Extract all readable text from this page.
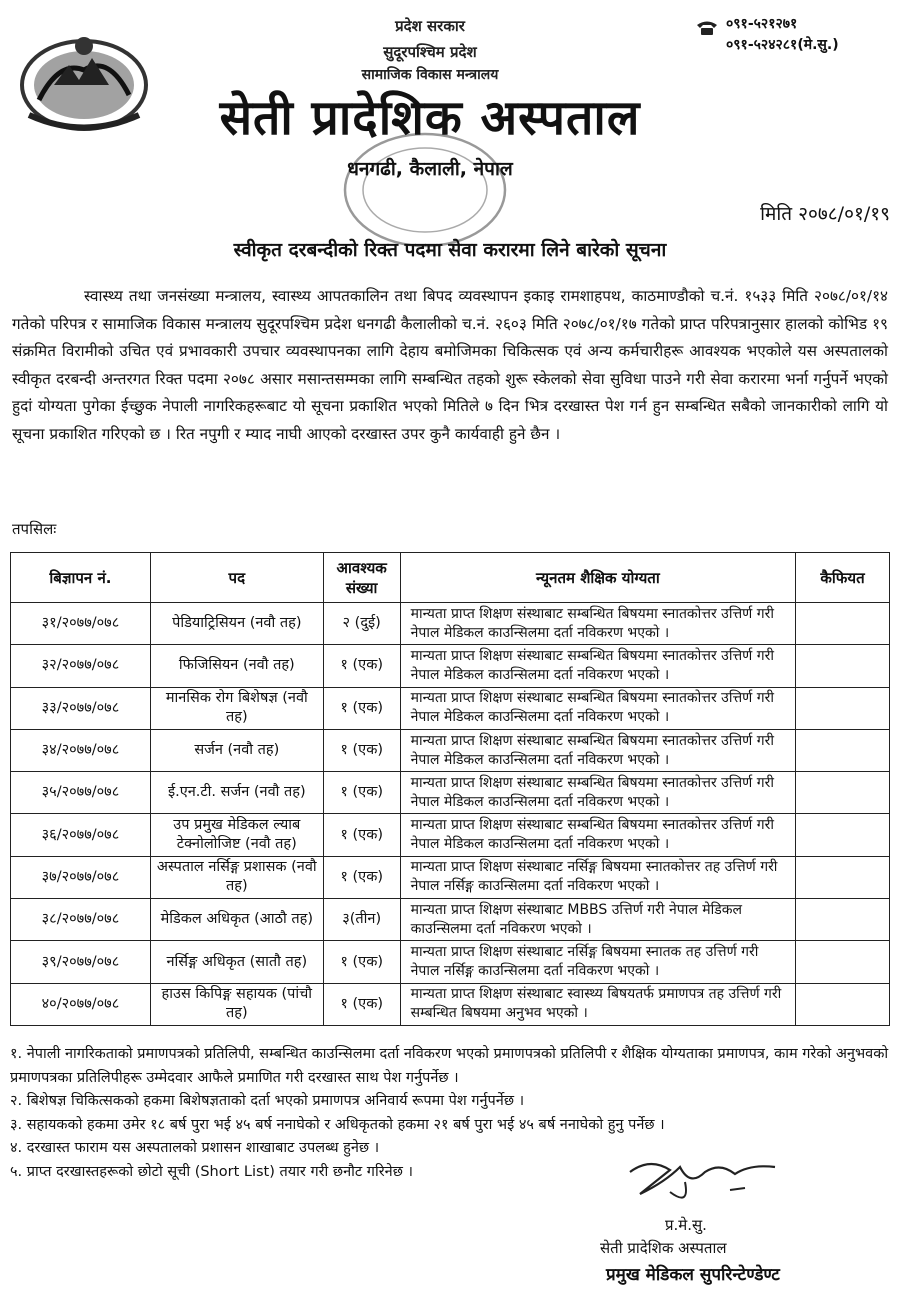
प्रदेश सरकार
सुदूरपश्चिम प्रदेश
सामाजिक विकास मन्त्रालय
सेती प्रादेशिक अस्पताल
धनगढी, कैलाली, नेपाल
०९१-५२१२७१
०९१-५२४२८१(मे.सु.)
मिति २०७८/०१/१९
स्वीकृत दरबन्दीको रिक्त पदमा सेवा करारमा लिने बारेको सूचना

स्वास्थ्य तथा जनसंख्या मन्त्रालय, स्वास्थ्य आपतकालिन तथा बिपद व्यवस्थापन इकाइ रामशाहपथ, काठमाण्डौको च.नं. १५३३ मिति २०७८/०१/१४ गतेको परिपत्र र सामाजिक विकास मन्त्रालय सुदूरपश्चिम प्रदेश धनगढी कैलालीको च.नं. २६०३ मिति २०७८/०१/१७ गतेको प्राप्त परिपत्रानुसार हालको कोभिड १९ संक्रमित विरामीको उचित एवं प्रभावकारी उपचार व्यवस्थापनका लागि देहाय बमोजिमका चिकित्सक एवं अन्य कर्मचारीहरू आवश्यक भएकोले यस अस्पतालको स्वीकृत दरबन्दी अन्तरगत रिक्त पदमा २०७८ असार मसान्तसम्मका लागि सम्बन्धित तहको शुरू स्केलको सेवा सुविधा पाउने गरी सेवा करारमा भर्ना गर्नुपर्ने भएको हुदां योग्यता पुगेका ईच्छुक नेपाली नागरिकहरूबाट यो सूचना प्रकाशित भएको मितिले ७ दिन भित्र दरखास्त पेश गर्न हुन सम्बन्धित सबैको जानकारीको लागि यो सूचना प्रकाशित गरिएको छ । रित नपुगी र म्याद नाघी आएको दरखास्त उपर कुनै कार्यवाही हुने छैन ।

तपसिलः
बिज्ञापन नं.	पद	आवश्यक संख्या	न्यूनतम शैक्षिक योग्यता	कैफियत
३१/२०७७/०७८	पेडियाट्रिसियन (नवौ तह)	२ (दुई)	मान्यता प्राप्त शिक्षण संस्थाबाट सम्बन्धित बिषयमा स्नातकोत्तर उत्तिर्ण गरी नेपाल मेडिकल काउन्सिलमा दर्ता नविकरण भएको ।	
३२/२०७७/०७८	फिजिसियन (नवौ तह)	१ (एक)	मान्यता प्राप्त शिक्षण संस्थाबाट सम्बन्धित बिषयमा स्नातकोत्तर उत्तिर्ण गरी नेपाल मेडिकल काउन्सिलमा दर्ता नविकरण भएको ।	
३३/२०७७/०७८	मानसिक रोग बिशेषज्ञ (नवौ तह)	१ (एक)	मान्यता प्राप्त शिक्षण संस्थाबाट सम्बन्धित बिषयमा स्नातकोत्तर उत्तिर्ण गरी नेपाल मेडिकल काउन्सिलमा दर्ता नविकरण भएको ।	
३४/२०७७/०७८	सर्जन (नवौ तह)	१ (एक)	मान्यता प्राप्त शिक्षण संस्थाबाट सम्बन्धित बिषयमा स्नातकोत्तर उत्तिर्ण गरी नेपाल मेडिकल काउन्सिलमा दर्ता नविकरण भएको ।	
३५/२०७७/०७८	ई.एन.टी. सर्जन (नवौ तह)	१ (एक)	मान्यता प्राप्त शिक्षण संस्थाबाट सम्बन्धित बिषयमा स्नातकोत्तर उत्तिर्ण गरी नेपाल मेडिकल काउन्सिलमा दर्ता नविकरण भएको ।	
३६/२०७७/०७८	उप प्रमुख मेडिकल ल्याब टेक्नोलोजिष्ट (नवौ तह)	१ (एक)	मान्यता प्राप्त शिक्षण संस्थाबाट सम्बन्धित बिषयमा स्नातकोत्तर उत्तिर्ण गरी नेपाल मेडिकल काउन्सिलमा दर्ता नविकरण भएको ।	
३७/२०७७/०७८	अस्पताल नर्सिङ्ग प्रशासक (नवौ तह)	१ (एक)	मान्यता प्राप्त शिक्षण संस्थाबाट नर्सिङ्ग बिषयमा स्नातकोत्तर तह उत्तिर्ण गरी नेपाल नर्सिङ्ग काउन्सिलमा दर्ता नविकरण भएको ।	
३८/२०७७/०७८	मेडिकल अधिकृत (आठौ तह)	३(तीन)	मान्यता प्राप्त शिक्षण संस्थाबाट MBBS उत्तिर्ण गरी नेपाल मेडिकल काउन्सिलमा दर्ता नविकरण भएको ।	
३९/२०७७/०७८	नर्सिङ्ग अधिकृत (सातौ तह)	१ (एक)	मान्यता प्राप्त शिक्षण संस्थाबाट नर्सिङ्ग बिषयमा स्नातक तह उत्तिर्ण गरी नेपाल नर्सिङ्ग काउन्सिलमा दर्ता नविकरण भएको ।	
४०/२०७७/०७८	हाउस किपिङ्ग सहायक (पांचौ तह)	१ (एक)	मान्यता प्राप्त शिक्षण संस्थाबाट स्वास्थ्य बिषयतर्फ प्रमाणपत्र तह उत्तिर्ण गरी सम्बन्धित बिषयमा अनुभव भएको ।	
१. नेपाली नागरिकताको प्रमाणपत्रको प्रतिलिपी, सम्बन्धित काउन्सिलमा दर्ता नविकरण भएको प्रमाणपत्रको प्रतिलिपी र शैक्षिक योग्यताका प्रमाणपत्र, काम गरेको अनुभवको प्रमाणपत्रका प्रतिलिपीहरू उम्मेदवार आफैले प्रमाणित गरी दरखास्त साथ पेश गर्नुपर्नेछ ।
२. बिशेषज्ञ चिकित्सकको हकमा बिशेषज्ञताको दर्ता भएको प्रमाणपत्र अनिवार्य रूपमा पेश गर्नुपर्नेछ ।
३. सहायकको हकमा उमेर १८ बर्ष पुरा भई ४५ बर्ष ननाघेको र अधिकृतको हकमा २१ बर्ष पुरा भई ४५ बर्ष ननाघेको हुनु पर्नेछ ।
४. दरखास्त फाराम यस अस्पतालको प्रशासन शाखाबाट उपलब्ध हुनेछ ।
५. प्राप्त दरखास्तहरूको छोटो सूची (Short List) तयार गरी छनौट गरिनेछ ।
प्र.मे.सु.
सेती प्रादेशिक अस्पताल
प्रमुख मेडिकल सुपरिन्टेण्डेण्ट
